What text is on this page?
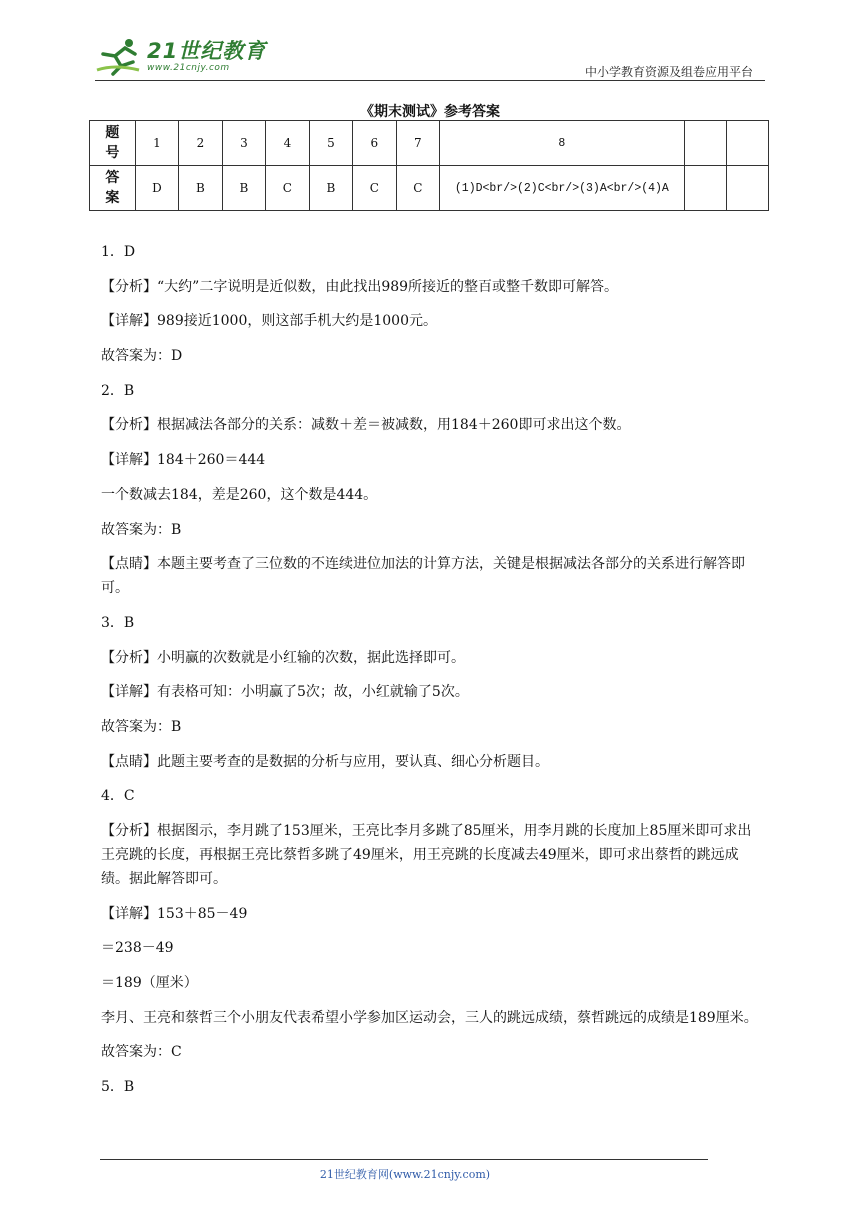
21世纪教育
www.21cnjy.com	中小学教育资源及组卷应用平台
《期末测试》参考答案
题号	1	2	3	4	5	6	7	8		
答案	D	B	B	C	B	C	C	(1)D<br/>(2)C<br/>(3)A<br/>(4)A		

1．D

【分析】“大约”二字说明是近似数，由此找出989所接近的整百或整千数即可解答。

【详解】989接近1000，则这部手机大约是1000元。

故答案为：D

2．B

【分析】根据减法各部分的关系：减数＋差＝被减数，用184＋260即可求出这个数。

【详解】184＋260＝444

一个数减去184，差是260，这个数是444。

故答案为：B

【点睛】本题主要考查了三位数的不连续进位加法的计算方法，关键是根据减法各部分的关系进行解答即可。

3．B

【分析】小明赢的次数就是小红输的次数，据此选择即可。

【详解】有表格可知：小明赢了5次；故，小红就输了5次。

故答案为：B

【点睛】此题主要考查的是数据的分析与应用，要认真、细心分析题目。

4．C

【分析】根据图示，李月跳了153厘米，王亮比李月多跳了85厘米，用李月跳的长度加上85厘米即可求出王亮跳的长度，再根据王亮比蔡哲多跳了49厘米，用王亮跳的长度减去49厘米，即可求出蔡哲的跳远成绩。据此解答即可。

【详解】153＋85－49

＝238－49

＝189（厘米）

李月、王亮和蔡哲三个小朋友代表希望小学参加区运动会，三人的跳远成绩，蔡哲跳远的成绩是189厘米。

故答案为：C

5．B

21世纪教育网(www.21cnjy.com)
